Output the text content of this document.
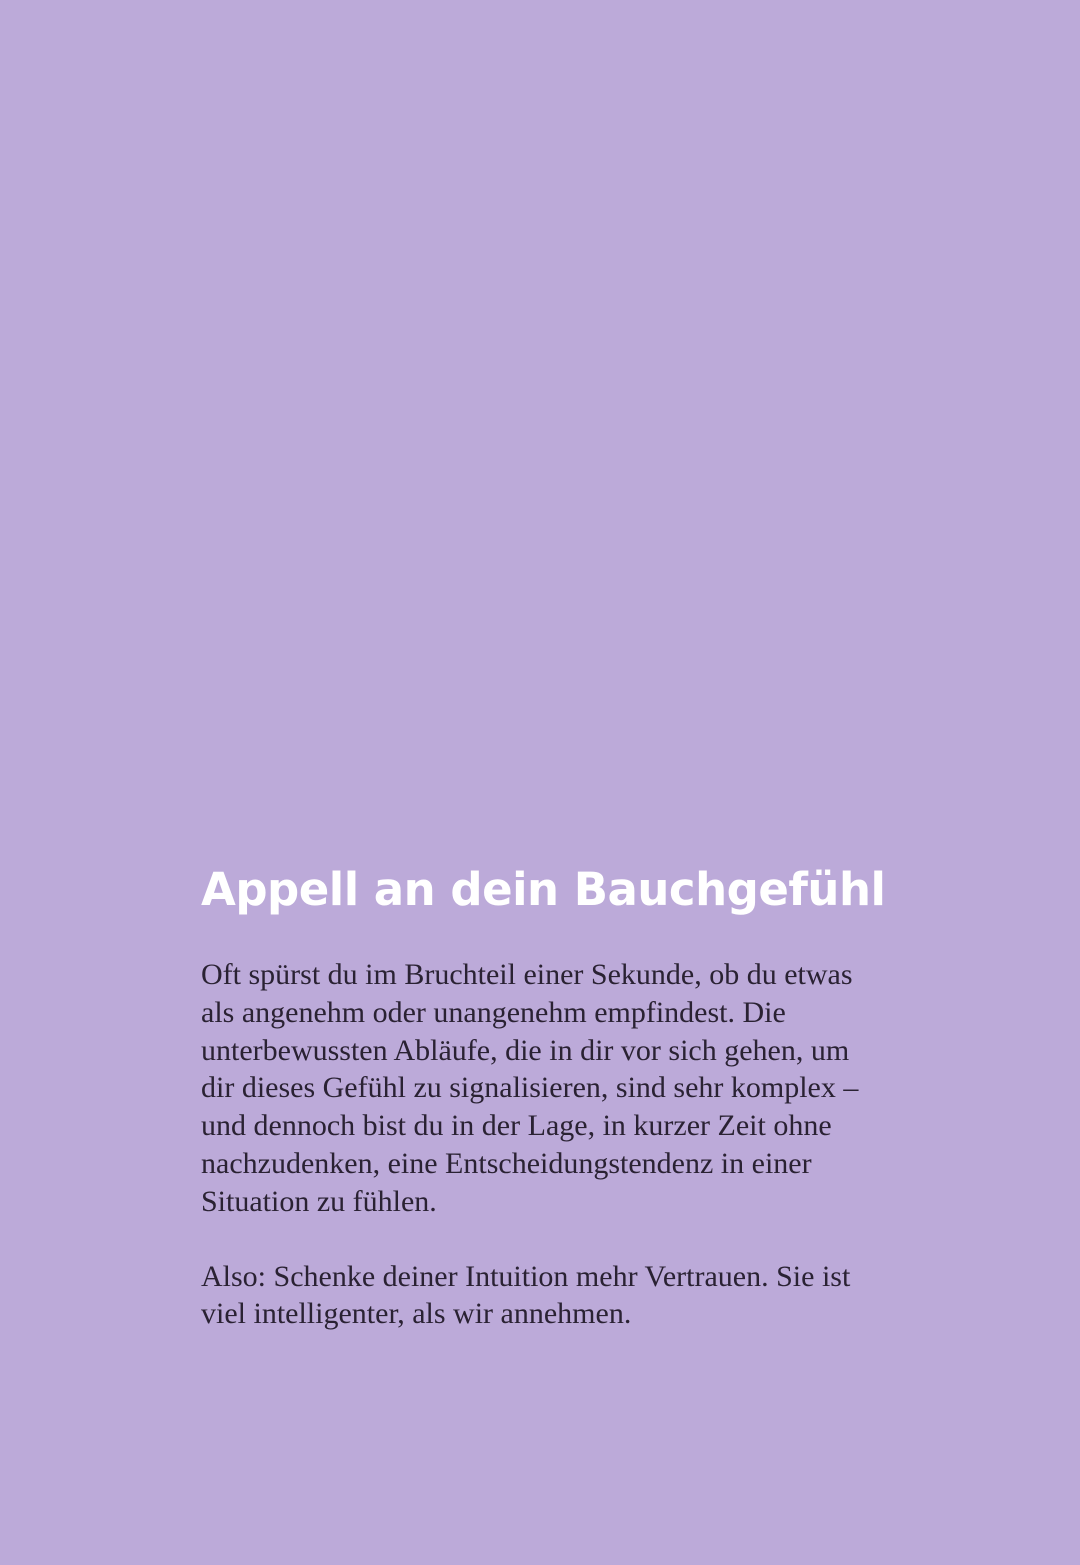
Appell an dein Bauchgefühl

Oft spürst du im Bruchteil einer Sekunde, ob du etwas
als angenehm oder unangenehm empfindest. Die
unterbewussten Abläufe, die in dir vor sich gehen, um
dir dieses Gefühl zu signalisieren, sind sehr komplex –
und dennoch bist du in der Lage, in kurzer Zeit ohne
nachzudenken, eine Entscheidungstendenz in einer
Situation zu fühlen.

Also: Schenke deiner Intuition mehr Vertrauen. Sie ist
viel intelligenter, als wir annehmen.
